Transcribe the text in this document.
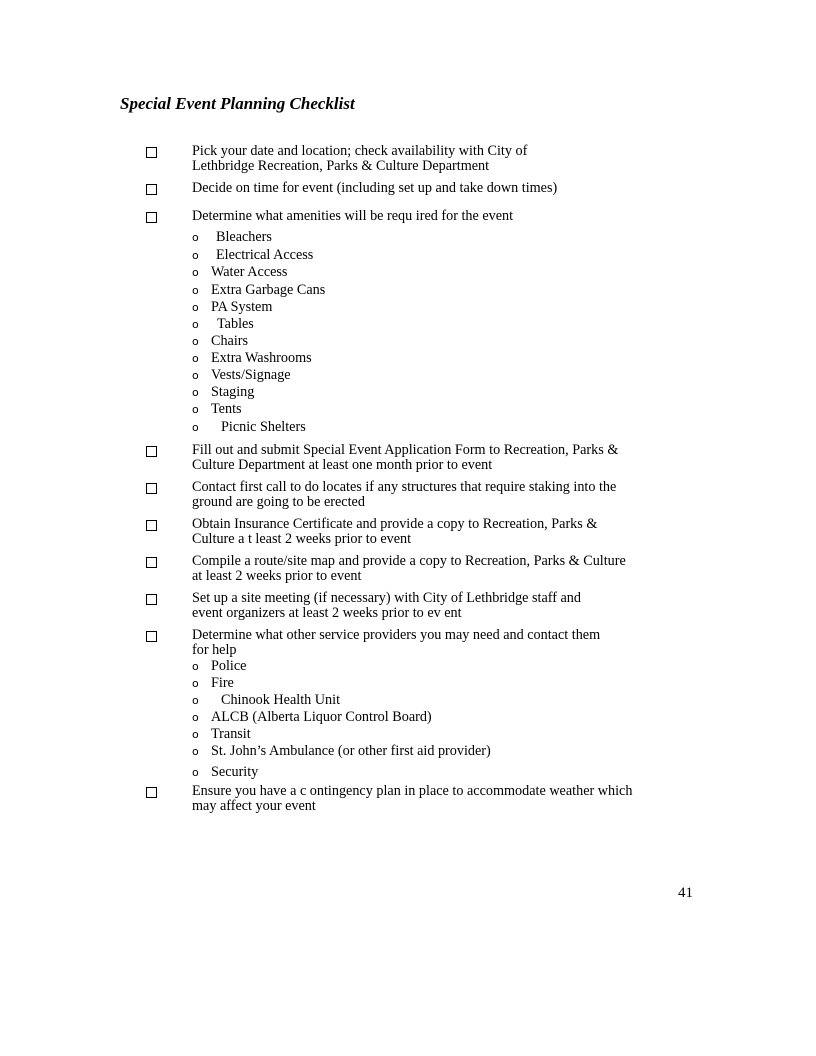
Special Event Planning Checklist
Pick your date and location; check availability with City of
Lethbridge Recreation, Parks & Culture Department
Decide on time for event (including set up and take down times)
Determine what amenities will be requ ired for the event
o Bleachers
o Electrical Access
o Water Access
o Extra Garbage Cans
o PA System
o Tables
o Chairs
o Extra Washrooms
o Vests/Signage
o Staging
o Tents
o Picnic Shelters
Fill out and submit Special Event Application Form to Recreation, Parks &
Culture Department at least one month prior to event
Contact first call to do locates if any structures that require staking into the
ground are going to be erected
Obtain Insurance Certificate and provide a copy to Recreation, Parks &
Culture a t least 2 weeks prior to event
Compile a route/site map and provide a copy to Recreation, Parks & Culture
at least 2 weeks prior to event
Set up a site meeting (if necessary) with City of Lethbridge staff and
event organizers at least 2 weeks prior to ev ent
Determine what other service providers you may need and contact them
for help
o Police
o Fire
o Chinook Health Unit
o ALCB (Alberta Liquor Control Board)
o Transit
o St. John’s Ambulance (or other first aid provider)
o Security
Ensure you have a c ontingency plan in place to accommodate weather which
may affect your event
41
